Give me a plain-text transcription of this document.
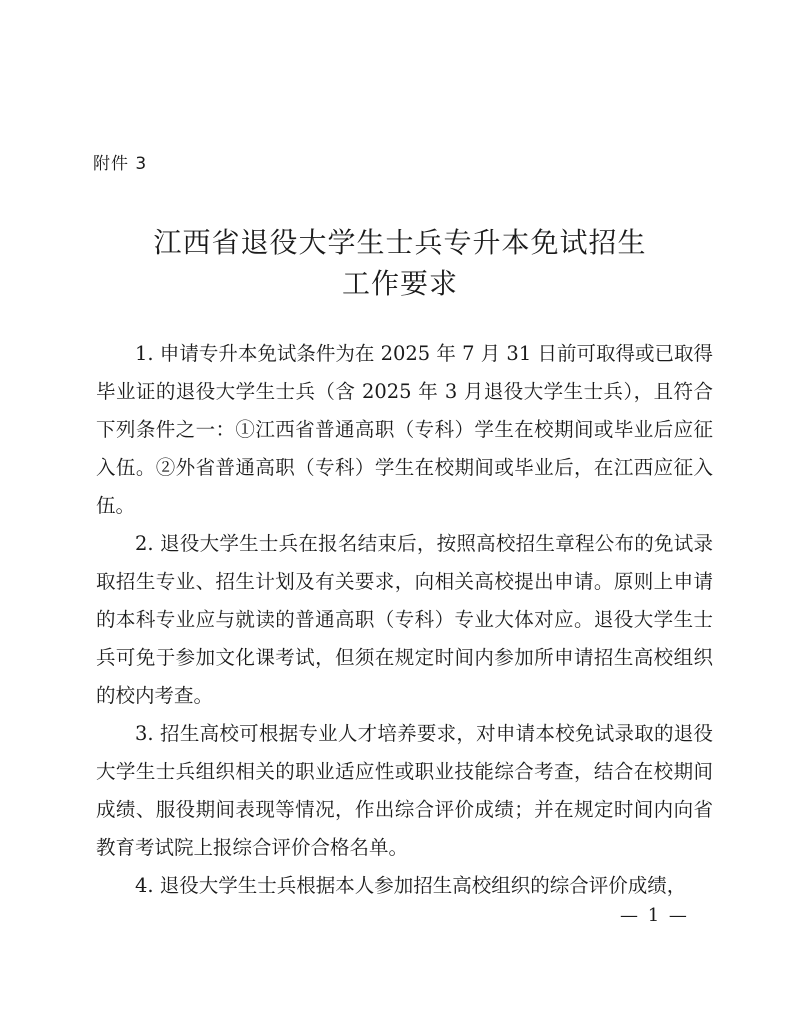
附件 3
江西省退役大学生士兵专升本免试招生
工作要求

1. 申请专升本免试条件为在 2025 年 7 月 31 日前可取得或已取得毕业证的退役大学生士兵（含 2025 年 3 月退役大学生士兵），且符合下列条件之一：①江西省普通高职（专科）学生在校期间或毕业后应征入伍。②外省普通高职（专科）学生在校期间或毕业后，在江西应征入伍。

2. 退役大学生士兵在报名结束后，按照高校招生章程公布的免试录取招生专业、招生计划及有关要求，向相关高校提出申请。原则上申请的本科专业应与就读的普通高职（专科）专业大体对应。退役大学生士兵可免于参加文化课考试，但须在规定时间内参加所申请招生高校组织的校内考查。

3. 招生高校可根据专业人才培养要求，对申请本校免试录取的退役大学生士兵组织相关的职业适应性或职业技能综合考查，结合在校期间成绩、服役期间表现等情况，作出综合评价成绩；并在规定时间内向省教育考试院上报综合评价合格名单。

4. 退役大学生士兵根据本人参加招生高校组织的综合评价成绩，

— 1 —
